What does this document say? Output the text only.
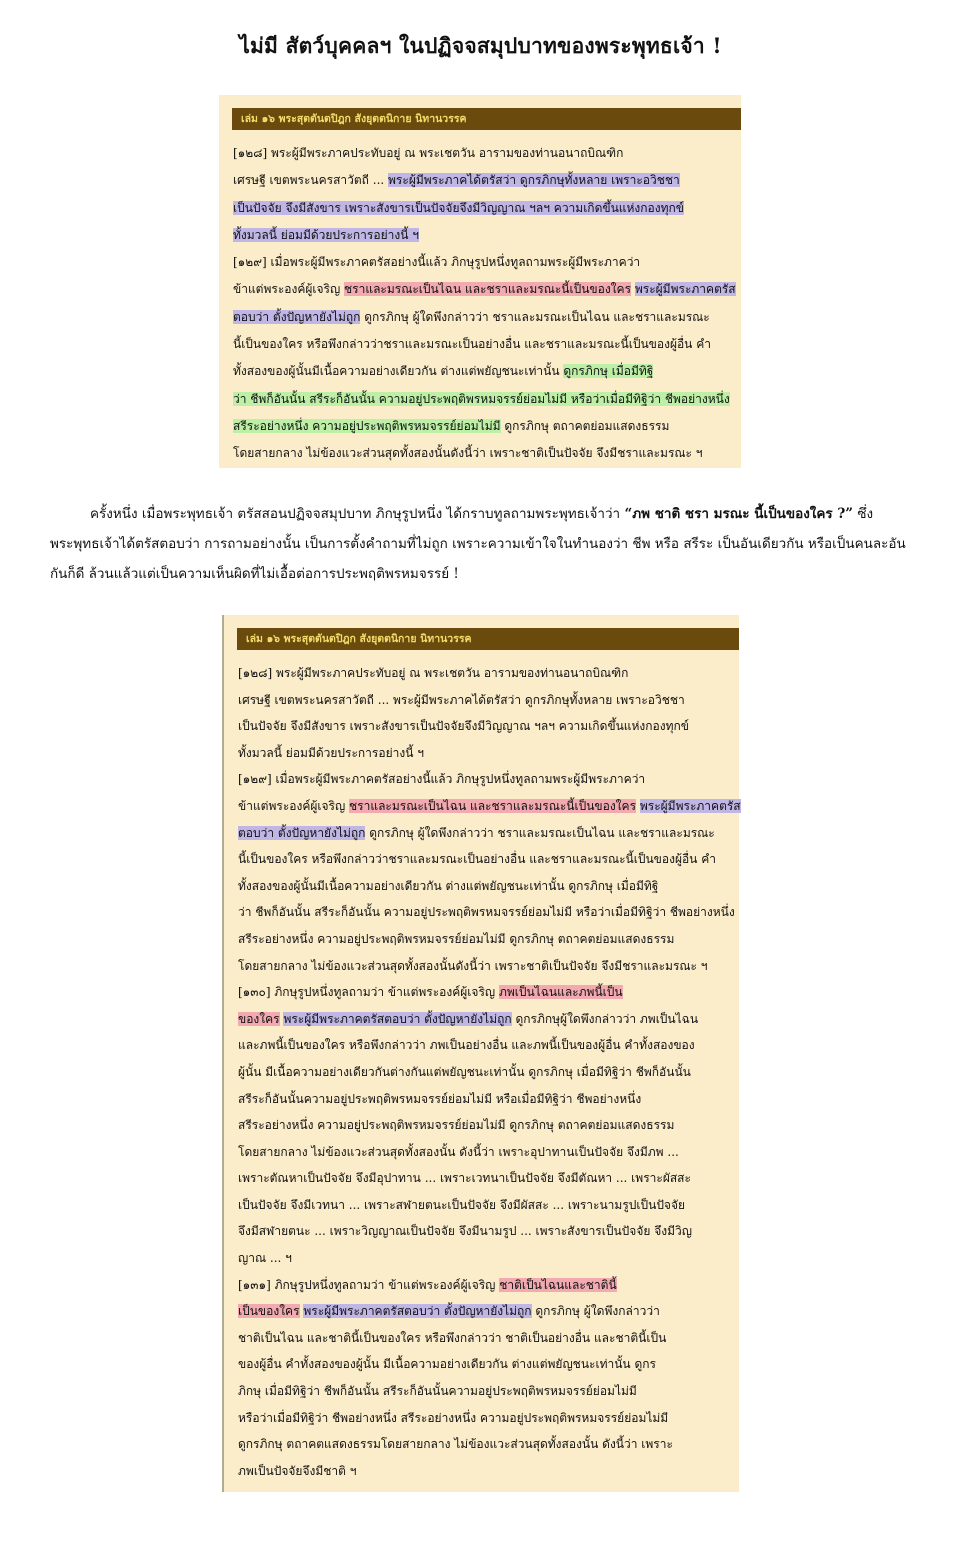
ไม่มี สัตว์บุคคลฯ ในปฏิจจสมุปบาทของพระพุทธเจ้า !
เล่ม ๑๖ พระสุตตันตปิฎก สังยุตตนิกาย นิทานวรรค

[๑๒๘] พระผู้มีพระภาคประทับอยู่ ณ พระเชตวัน อารามของท่านอนาถบิณฑิก

เศรษฐี เขตพระนครสาวัตถี ... พระผู้มีพระภาคได้ตรัสว่า ดูกรภิกษุทั้งหลาย เพราะอวิชชา

เป็นปัจจัย จึงมีสังขาร เพราะสังขารเป็นปัจจัยจึงมีวิญญาณ ฯลฯ ความเกิดขึ้นแห่งกองทุกข์

ทั้งมวลนี้ ย่อมมีด้วยประการอย่างนี้ ฯ

[๑๒๙] เมื่อพระผู้มีพระภาคตรัสอย่างนี้แล้ว ภิกษุรูปหนึ่งทูลถามพระผู้มีพระภาคว่า

ข้าแต่พระองค์ผู้เจริญ ชราและมรณะเป็นไฉน และชราและมรณะนี้เป็นของใคร พระผู้มีพระภาคตรัส

ตอบว่า ตั้งปัญหายังไม่ถูก ดูกรภิกษุ ผู้ใดพึงกล่าวว่า ชราและมรณะเป็นไฉน และชราและมรณะ

นี้เป็นของใคร หรือพึงกล่าวว่าชราและมรณะเป็นอย่างอื่น และชราและมรณะนี้เป็นของผู้อื่น คำ

ทั้งสองของผู้นั้นมีเนื้อความอย่างเดียวกัน ต่างแต่พยัญชนะเท่านั้น ดูกรภิกษุ เมื่อมีทิฐิ

ว่า ชีพก็อันนั้น สรีระก็อันนั้น ความอยู่ประพฤติพรหมจรรย์ย่อมไม่มี หรือว่าเมื่อมีทิฐิว่า ชีพอย่างหนึ่ง

สรีระอย่างหนึ่ง ความอยู่ประพฤติพรหมจรรย์ย่อมไม่มี ดูกรภิกษุ ตถาคตย่อมแสดงธรรม

โดยสายกลาง ไม่ข้องแวะส่วนสุดทั้งสองนั้นดังนี้ว่า เพราะชาติเป็นปัจจัย จึงมีชราและมรณะ ฯ

ครั้งหนึ่ง เมื่อพระพุทธเจ้า ตรัสสอนปฏิจจสมุปบาท ภิกษุรูปหนึ่ง ได้กราบทูลถามพระพุทธเจ้าว่า “ภพ ชาติ ชรา มรณะ นี้เป็นของใคร ?” ซึ่ง

พระพุทธเจ้าได้ตรัสตอบว่า การถามอย่างนั้น เป็นการตั้งคำถามที่ไม่ถูก เพราะความเข้าใจในทำนองว่า ชีพ หรือ สรีระ เป็นอันเดียวกัน หรือเป็นคนละอัน

กันก็ดี ล้วนแล้วแต่เป็นความเห็นผิดที่ไม่เอื้อต่อการประพฤติพรหมจรรย์ !

เล่ม ๑๖ พระสุตตันตปิฎก สังยุตตนิกาย นิทานวรรค

[๑๒๘] พระผู้มีพระภาคประทับอยู่ ณ พระเชตวัน อารามของท่านอนาถบิณฑิก

เศรษฐี เขตพระนครสาวัตถี ... พระผู้มีพระภาคได้ตรัสว่า ดูกรภิกษุทั้งหลาย เพราะอวิชชา

เป็นปัจจัย จึงมีสังขาร เพราะสังขารเป็นปัจจัยจึงมีวิญญาณ ฯลฯ ความเกิดขึ้นแห่งกองทุกข์

ทั้งมวลนี้ ย่อมมีด้วยประการอย่างนี้ ฯ

[๑๒๙] เมื่อพระผู้มีพระภาคตรัสอย่างนี้แล้ว ภิกษุรูปหนึ่งทูลถามพระผู้มีพระภาคว่า

ข้าแต่พระองค์ผู้เจริญ ชราและมรณะเป็นไฉน และชราและมรณะนี้เป็นของใคร พระผู้มีพระภาคตรัส

ตอบว่า ตั้งปัญหายังไม่ถูก ดูกรภิกษุ ผู้ใดพึงกล่าวว่า ชราและมรณะเป็นไฉน และชราและมรณะ

นี้เป็นของใคร หรือพึงกล่าวว่าชราและมรณะเป็นอย่างอื่น และชราและมรณะนี้เป็นของผู้อื่น คำ

ทั้งสองของผู้นั้นมีเนื้อความอย่างเดียวกัน ต่างแต่พยัญชนะเท่านั้น ดูกรภิกษุ เมื่อมีทิฐิ

ว่า ชีพก็อันนั้น สรีระก็อันนั้น ความอยู่ประพฤติพรหมจรรย์ย่อมไม่มี หรือว่าเมื่อมีทิฐิว่า ชีพอย่างหนึ่ง

สรีระอย่างหนึ่ง ความอยู่ประพฤติพรหมจรรย์ย่อมไม่มี ดูกรภิกษุ ตถาคตย่อมแสดงธรรม

โดยสายกลาง ไม่ข้องแวะส่วนสุดทั้งสองนั้นดังนี้ว่า เพราะชาติเป็นปัจจัย จึงมีชราและมรณะ ฯ

[๑๓๐] ภิกษุรูปหนึ่งทูลถามว่า ข้าแต่พระองค์ผู้เจริญ ภพเป็นไฉนและภพนี้เป็น

ของใคร พระผู้มีพระภาคตรัสตอบว่า ตั้งปัญหายังไม่ถูก ดูกรภิกษุผู้ใดพึงกล่าวว่า ภพเป็นไฉน

และภพนี้เป็นของใคร หรือพึงกล่าวว่า ภพเป็นอย่างอื่น และภพนี้เป็นของผู้อื่น คำทั้งสองของ

ผู้นั้น มีเนื้อความอย่างเดียวกันต่างกันแต่พยัญชนะเท่านั้น ดูกรภิกษุ เมื่อมีทิฐิว่า ชีพก็อันนั้น

สรีระก็อันนั้นความอยู่ประพฤติพรหมจรรย์ย่อมไม่มี หรือเมื่อมีทิฐิว่า ชีพอย่างหนึ่ง

สรีระอย่างหนึ่ง ความอยู่ประพฤติพรหมจรรย์ย่อมไม่มี ดูกรภิกษุ ตถาคตย่อมแสดงธรรม

โดยสายกลาง ไม่ข้องแวะส่วนสุดทั้งสองนั้น ดังนี้ว่า เพราะอุปาทานเป็นปัจจัย จึงมีภพ ...

เพราะตัณหาเป็นปัจจัย จึงมีอุปาทาน ... เพราะเวทนาเป็นปัจจัย จึงมีตัณหา ... เพราะผัสสะ

เป็นปัจจัย จึงมีเวทนา ... เพราะสฬายตนะเป็นปัจจัย จึงมีผัสสะ ... เพราะนามรูปเป็นปัจจัย

จึงมีสฬายตนะ ... เพราะวิญญาณเป็นปัจจัย จึงมีนามรูป ... เพราะสังขารเป็นปัจจัย จึงมีวิญ

ญาณ ... ฯ

[๑๓๑] ภิกษุรูปหนึ่งทูลถามว่า ข้าแต่พระองค์ผู้เจริญ ชาติเป็นไฉนและชาตินี้

เป็นของใคร พระผู้มีพระภาคตรัสตอบว่า ตั้งปัญหายังไม่ถูก ดูกรภิกษุ ผู้ใดพึงกล่าวว่า

ชาติเป็นไฉน และชาตินี้เป็นของใคร หรือพึงกล่าวว่า ชาติเป็นอย่างอื่น และชาตินี้เป็น

ของผู้อื่น คำทั้งสองของผู้นั้น มีเนื้อความอย่างเดียวกัน ต่างแต่พยัญชนะเท่านั้น ดูกร

ภิกษุ เมื่อมีทิฐิว่า ชีพก็อันนั้น สรีระก็อันนั้นความอยู่ประพฤติพรหมจรรย์ย่อมไม่มี

หรือว่าเมื่อมีทิฐิว่า ชีพอย่างหนึ่ง สรีระอย่างหนึ่ง ความอยู่ประพฤติพรหมจรรย์ย่อมไม่มี

ดูกรภิกษุ ตถาคตแสดงธรรมโดยสายกลาง ไม่ข้องแวะส่วนสุดทั้งสองนั้น ดังนี้ว่า เพราะ

ภพเป็นปัจจัยจึงมีชาติ ฯ
